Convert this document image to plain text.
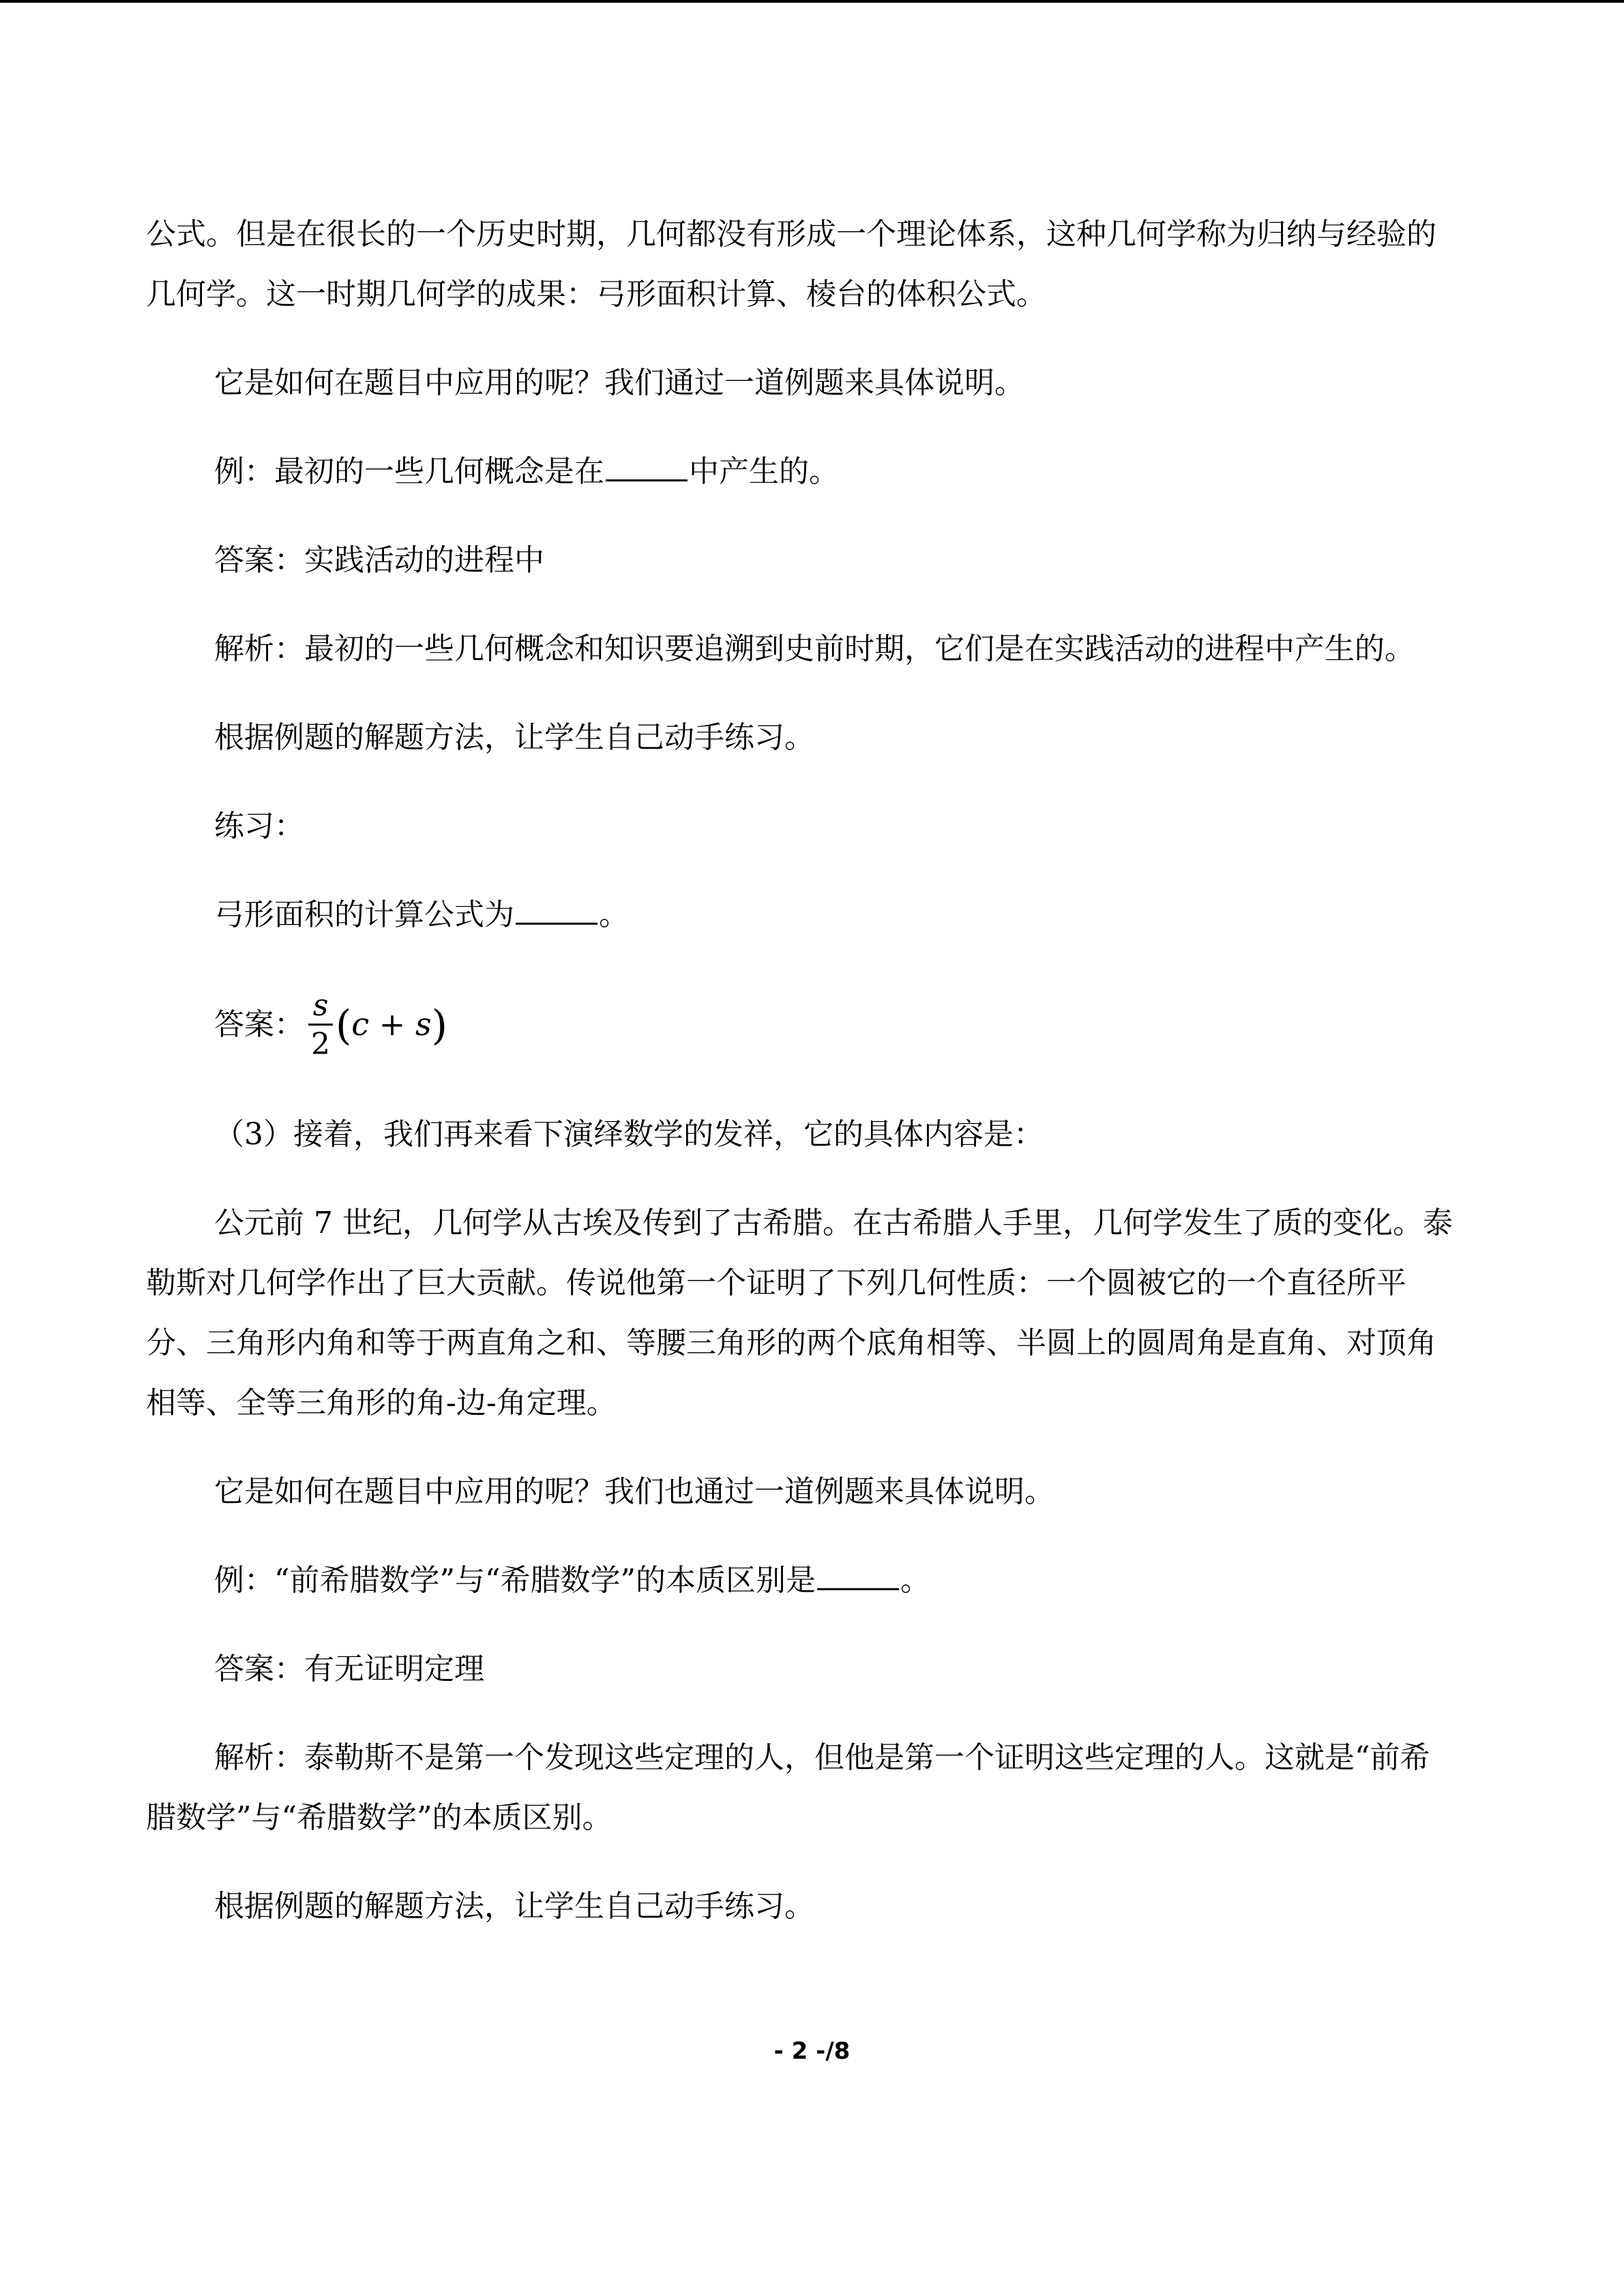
公式。但是在很长的一个历史时期，几何都没有形成一个理论体系，这种几何学称为归纳与经验的几何学。这一时期几何学的成果：弓形面积计算、棱台的体积公式。

它是如何在题目中应用的呢？我们通过一道例题来具体说明。

例：最初的一些几何概念是在	中产生的。

答案：实践活动的进程中

解析：最初的一些几何概念和知识要追溯到史前时期，它们是在实践活动的进程中产生的。

根据例题的解题方法，让学生自己动手练习。

练习：

弓形面积的计算公式为	。

答案： $\frac{s}{2} (c + s)$

（3）接着，我们再来看下演绎数学的发祥，它的具体内容是：

公元前 7 世纪，几何学从古埃及传到了古希腊。在古希腊人手里，几何学发生了质的变化。泰勒斯对几何学作出了巨大贡献。传说他第一个证明了下列几何性质：一个圆被它的一个直径所平分、三角形内角和等于两直角之和、等腰三角形的两个底角相等、半圆上的圆周角是直角、对顶角相等、全等三角形的角-边-角定理。

它是如何在题目中应用的呢？我们也通过一道例题来具体说明。

例：“前希腊数学”与“希腊数学”的本质区别是	。

答案：有无证明定理

解析：泰勒斯不是第一个发现这些定理的人，但他是第一个证明这些定理的人。这就是“前希腊数学”与“希腊数学”的本质区别。

根据例题的解题方法，让学生自己动手练习。

- 2 -/8
